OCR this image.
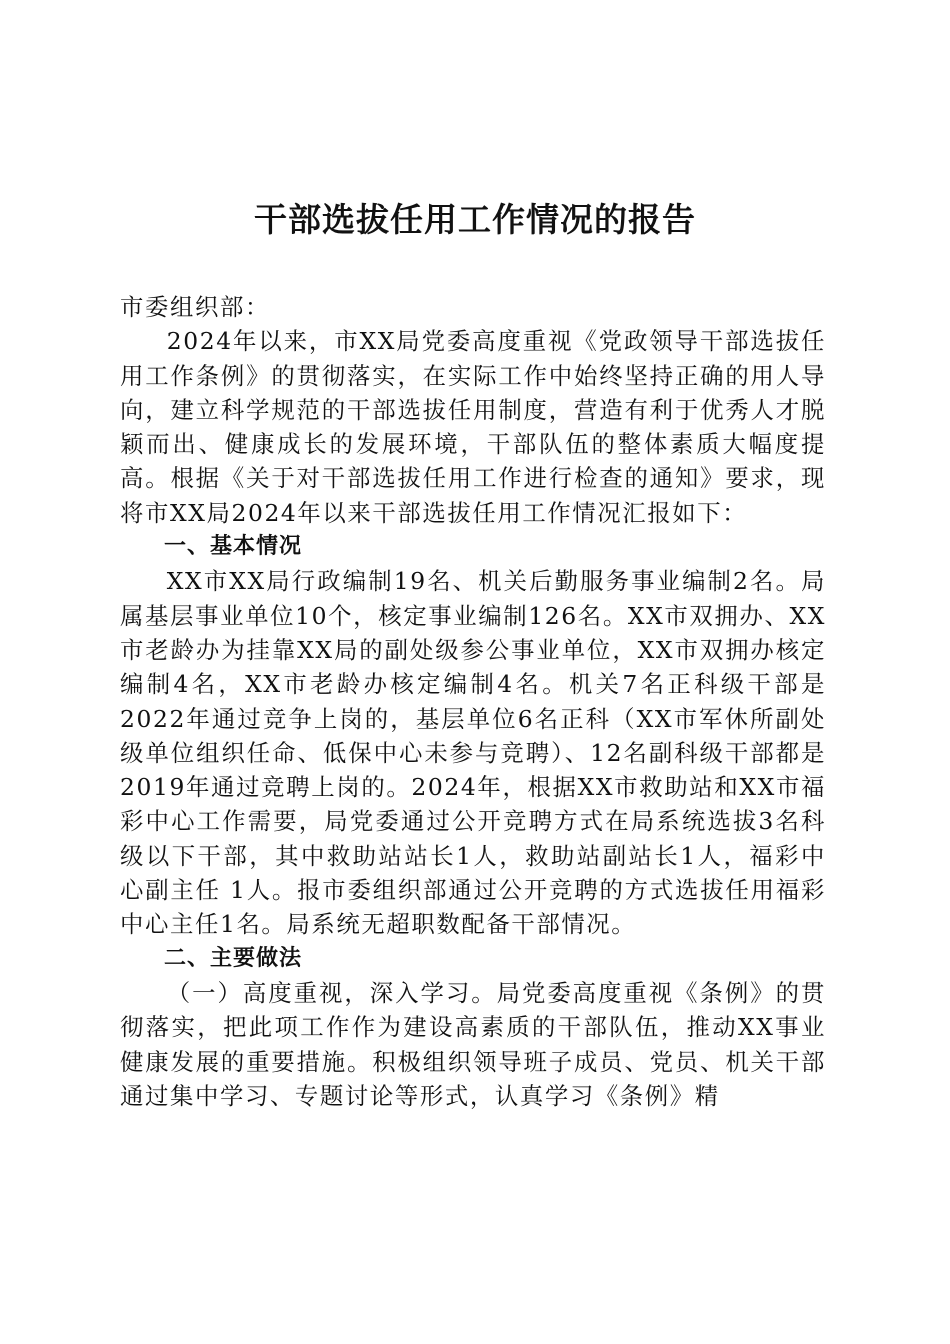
干部选拔任用工作情况的报告

市委组织部：

2024年以来，市XX局党委高度重视《党政领导干部选拔任用工作条例》的贯彻落实，在实际工作中始终坚持正确的用人导向，建立科学规范的干部选拔任用制度，营造有利于优秀人才脱颖而出、健康成长的发展环境，干部队伍的整体素质大幅度提高。根据《关于对干部选拔任用工作进行检查的通知》要求，现将市XX局2024年以来干部选拔任用工作情况汇报如下：

一、基本情况

XX市XX局行政编制19名、机关后勤服务事业编制2名。局属基层事业单位10个，核定事业编制126名。XX市双拥办、XX市老龄办为挂靠XX局的副处级参公事业单位，XX市双拥办核定编制4名，XX市老龄办核定编制4名。机关7名正科级干部是2022年通过竞争上岗的，基层单位6名正科（XX市军休所副处级单位组织任命、低保中心未参与竞聘）、12名副科级干部都是2019年通过竞聘上岗的。2024年，根据XX市救助站和XX市福彩中心工作需要，局党委通过公开竞聘方式在局系统选拔3名科级以下干部，其中救助站站长1人，救助站副站长1人，福彩中心副主任 1人。报市委组织部通过公开竞聘的方式选拔任用福彩中心主任1名。局系统无超职数配备干部情况。

二、主要做法

（一）高度重视，深入学习。局党委高度重视《条例》的贯彻落实，把此项工作作为建设高素质的干部队伍，推动XX事业健康发展的重要措施。积极组织领导班子成员、党员、机关干部通过集中学习、专题讨论等形式，认真学习《条例》精
